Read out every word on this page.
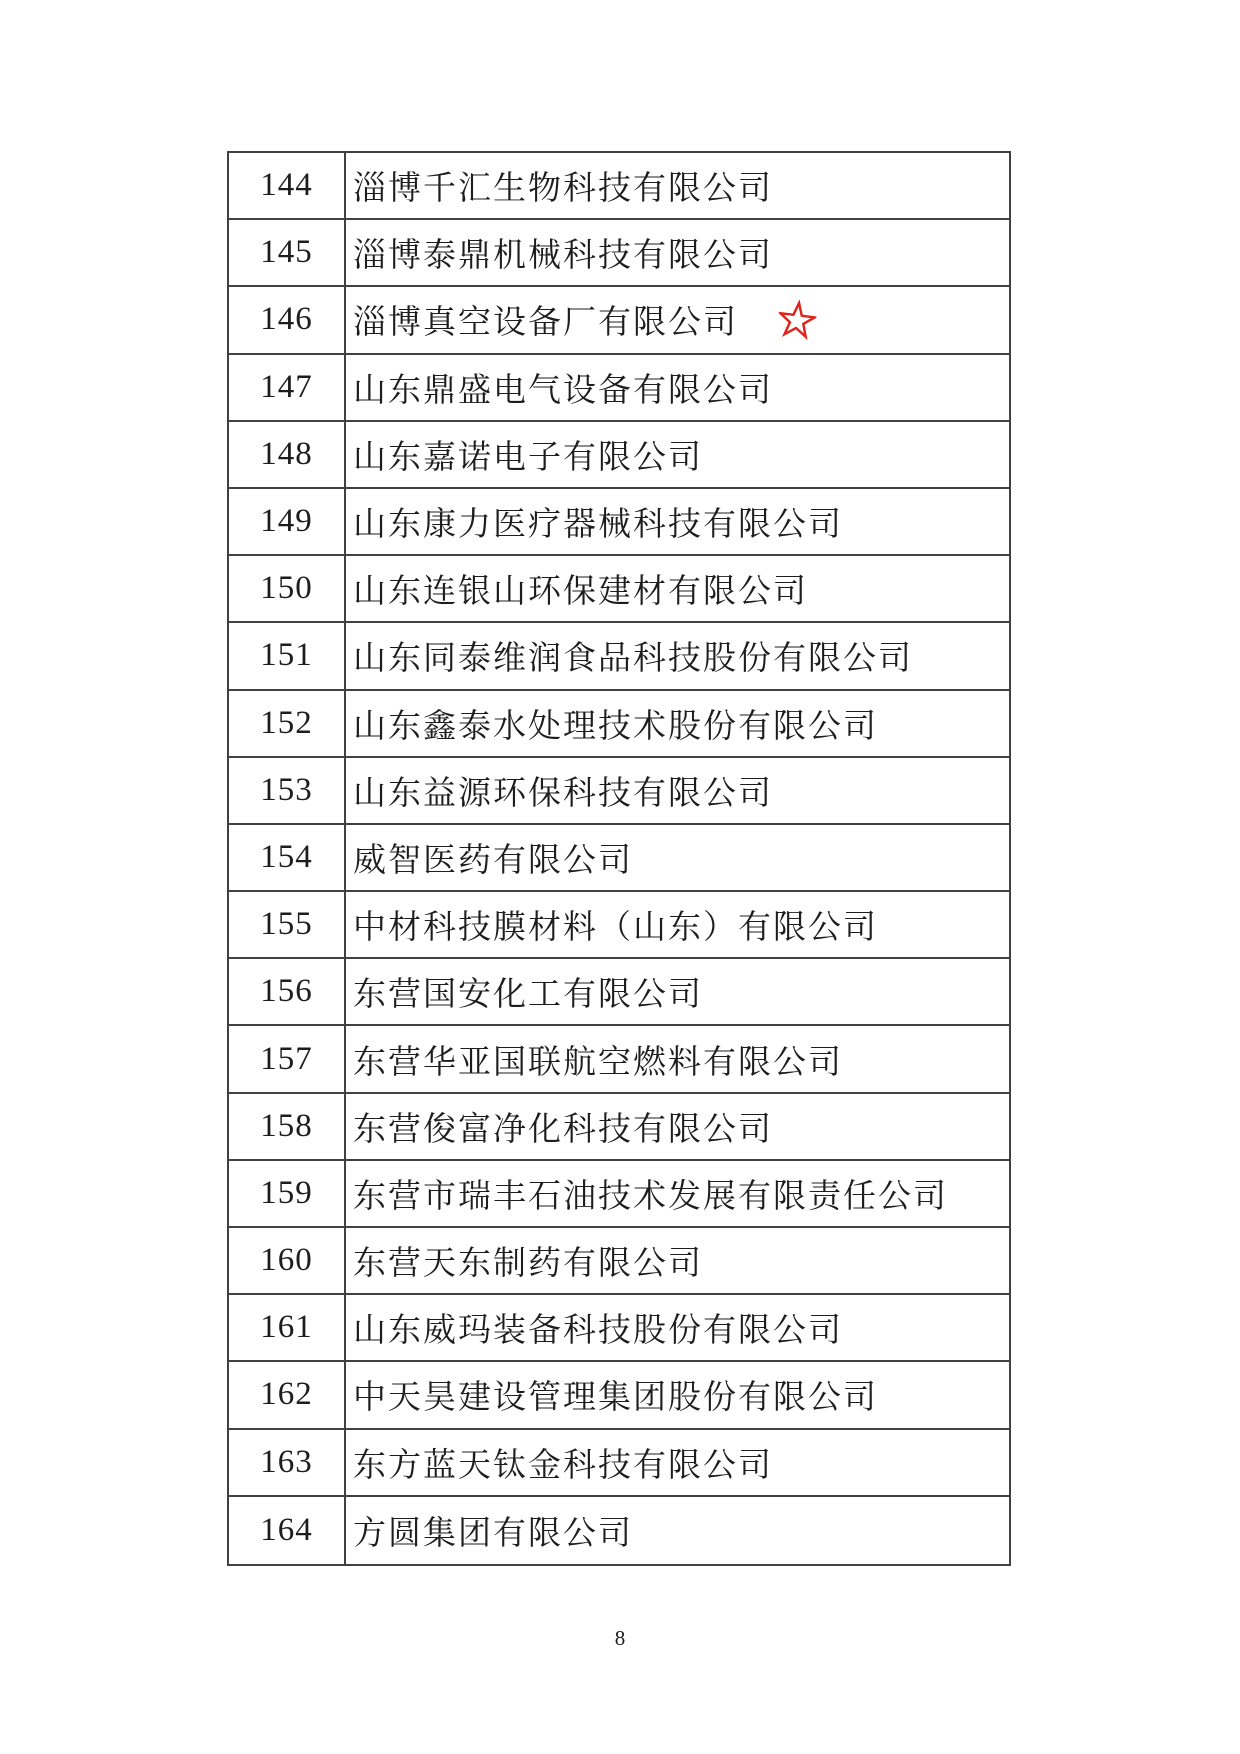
144	淄博千汇生物科技有限公司
145	淄博泰鼎机械科技有限公司
146	淄博真空设备厂有限公司
147	山东鼎盛电气设备有限公司
148	山东嘉诺电子有限公司
149	山东康力医疗器械科技有限公司
150	山东连银山环保建材有限公司
151	山东同泰维润食品科技股份有限公司
152	山东鑫泰水处理技术股份有限公司
153	山东益源环保科技有限公司
154	威智医药有限公司
155	中材科技膜材料（山东）有限公司
156	东营国安化工有限公司
157	东营华亚国联航空燃料有限公司
158	东营俊富净化科技有限公司
159	东营市瑞丰石油技术发展有限责任公司
160	东营天东制药有限公司
161	山东威玛装备科技股份有限公司
162	中天昊建设管理集团股份有限公司
163	东方蓝天钛金科技有限公司
164	方圆集团有限公司
8
